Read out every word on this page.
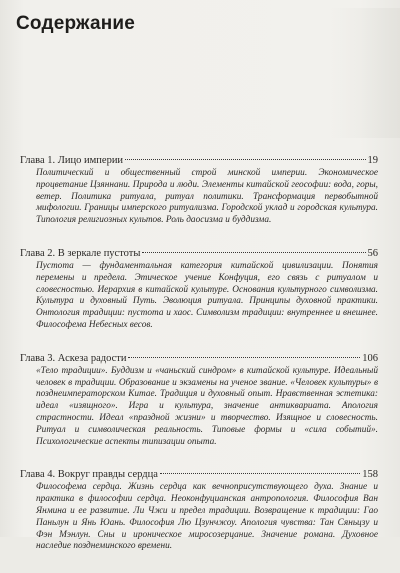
Содержание
Глава 1. Лицо империи	19
Политический и общественный строй минской империи. Экономическое процветание Цзяннани. Природа и люди. Элементы китайской геософии: вода, горы, ветер. Политика ритуала, ритуал политики. Трансформация первобытной мифологии. Границы имперского ритуализма. Городской уклад и городская культура. Типология религиозных культов. Роль даосизма и буддизма.
Глава 2. В зеркале пустоты	56
Пустота — фундаментальная категория китайской цивилизации. Понятия перемены и предела. Этическое учение Конфуция, его связь с ритуалом и словесностью. Иерархия в китайской культуре. Основания культурного символизма. Культура и духовный Путь. Эволюция ритуала. Принципы духовной практики. Онтология традиции: пустота и хаос. Символизм традиции: внутреннее и внешнее. Философема Небесных весов.
Глава 3. Аскеза радости	106
«Тело традиции». Буддизм и «чаньский синдром» в китайской культуре. Идеальный человек в традиции. Образование и экзамены на ученое звание. «Человек культуры» в позднеимператорском Китае. Традиция и духовный опыт. Нравственная эстетика: идеал «изящного». Игра и культура, значение антиквариата. Апология страстности. Идеал «праздной жизни» и творчество. Изящное и словесность. Ритуал и символическая реальность. Типовые формы и «сила событий». Психологические аспекты типизации опыта.
Глава 4. Вокруг правды сердца	158
Философема сердца. Жизнь сердца как вечноприсутствующего духа. Знание и практика в философии сердца. Неоконфуцианская антропология. Философия Ван Янмина и ее развитие. Ли Чжи и предел традиции. Возвращение к традиции: Гао Паньлун и Янь Юань. Философия Лю Цзунчжоу. Апология чувства: Тан Сяньцзу и Фэн Мэнлун. Сны и ироническое миросозерцание. Значение романа. Духовное наследие позднеминского времени.
